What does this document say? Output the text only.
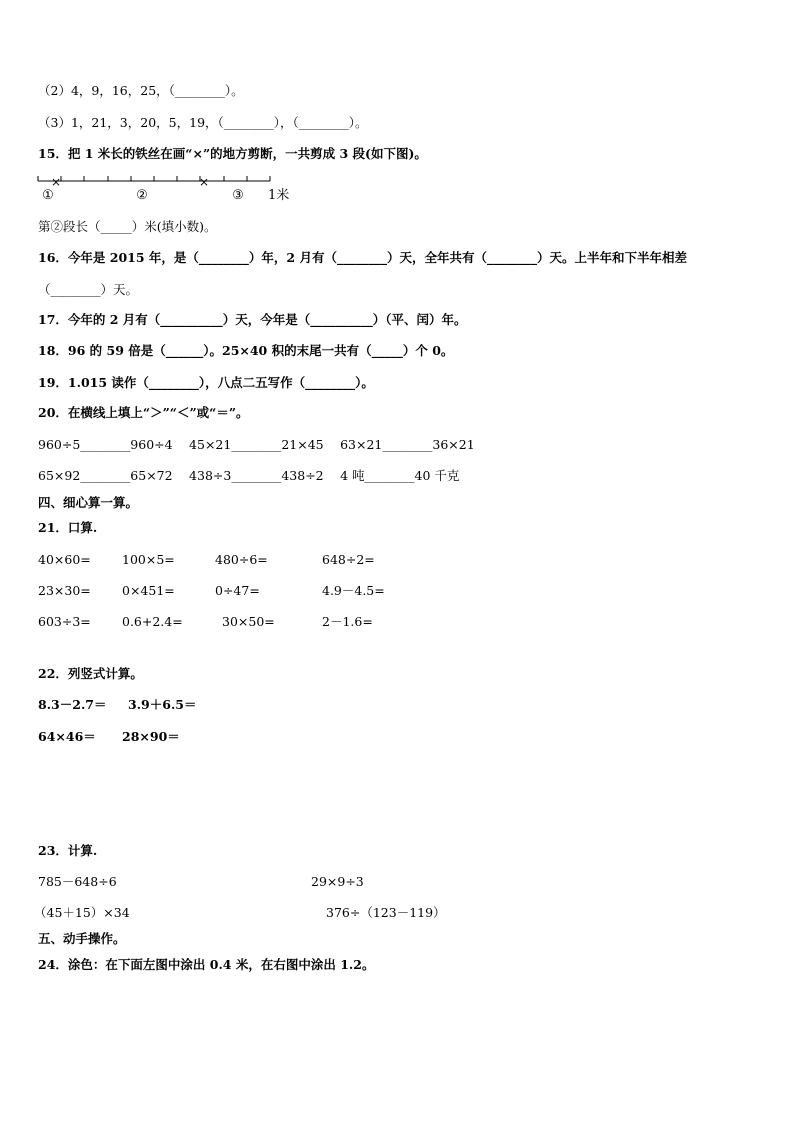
（2）4，9，16，25，（________）。
（3）1，21，3，20，5，19，（________），（________）。
15．把 1 米长的铁丝在画“×”的地方剪断，一共剪成 3 段(如下图)。
×	×
①	②	③ 1米
第②段长（_____）米(填小数)。
16．今年是 2015 年，是（________）年，2 月有（________）天，全年共有（________）天。上半年和下半年相差
（________）天。
17．今年的 2 月有（__________）天，今年是（__________）（平、闰）年。
18．96 的 59 倍是（______）。25×40 积的末尾一共有（_____）个 0。
19．1.015 读作（________），八点二五写作（________）。
20．在横线上填上“＞”“＜”或“＝”。
960÷5________960÷4　 45×21________21×45　 63×21________36×21
65×92________65×72　 438÷3________438÷2　 4 吨________40 千克
四、细心算一算。
21．口算.
40×60= 100×5=	480÷6=	648÷2=
23×30= 0×451=	0÷47=	4.9－4.5=
603÷3= 0.6+2.4=	30×50=	2－1.6=
22．列竖式计算。
8.3－2.7＝ 3.9＋6.5＝
64×46＝ 28×90＝
23．计算.
785－648÷6	29×9÷3
（45＋15）×34	376÷（123－119）
五、动手操作。
24．涂色：在下面左图中涂出 0.4 米，在右图中涂出 1.2。
